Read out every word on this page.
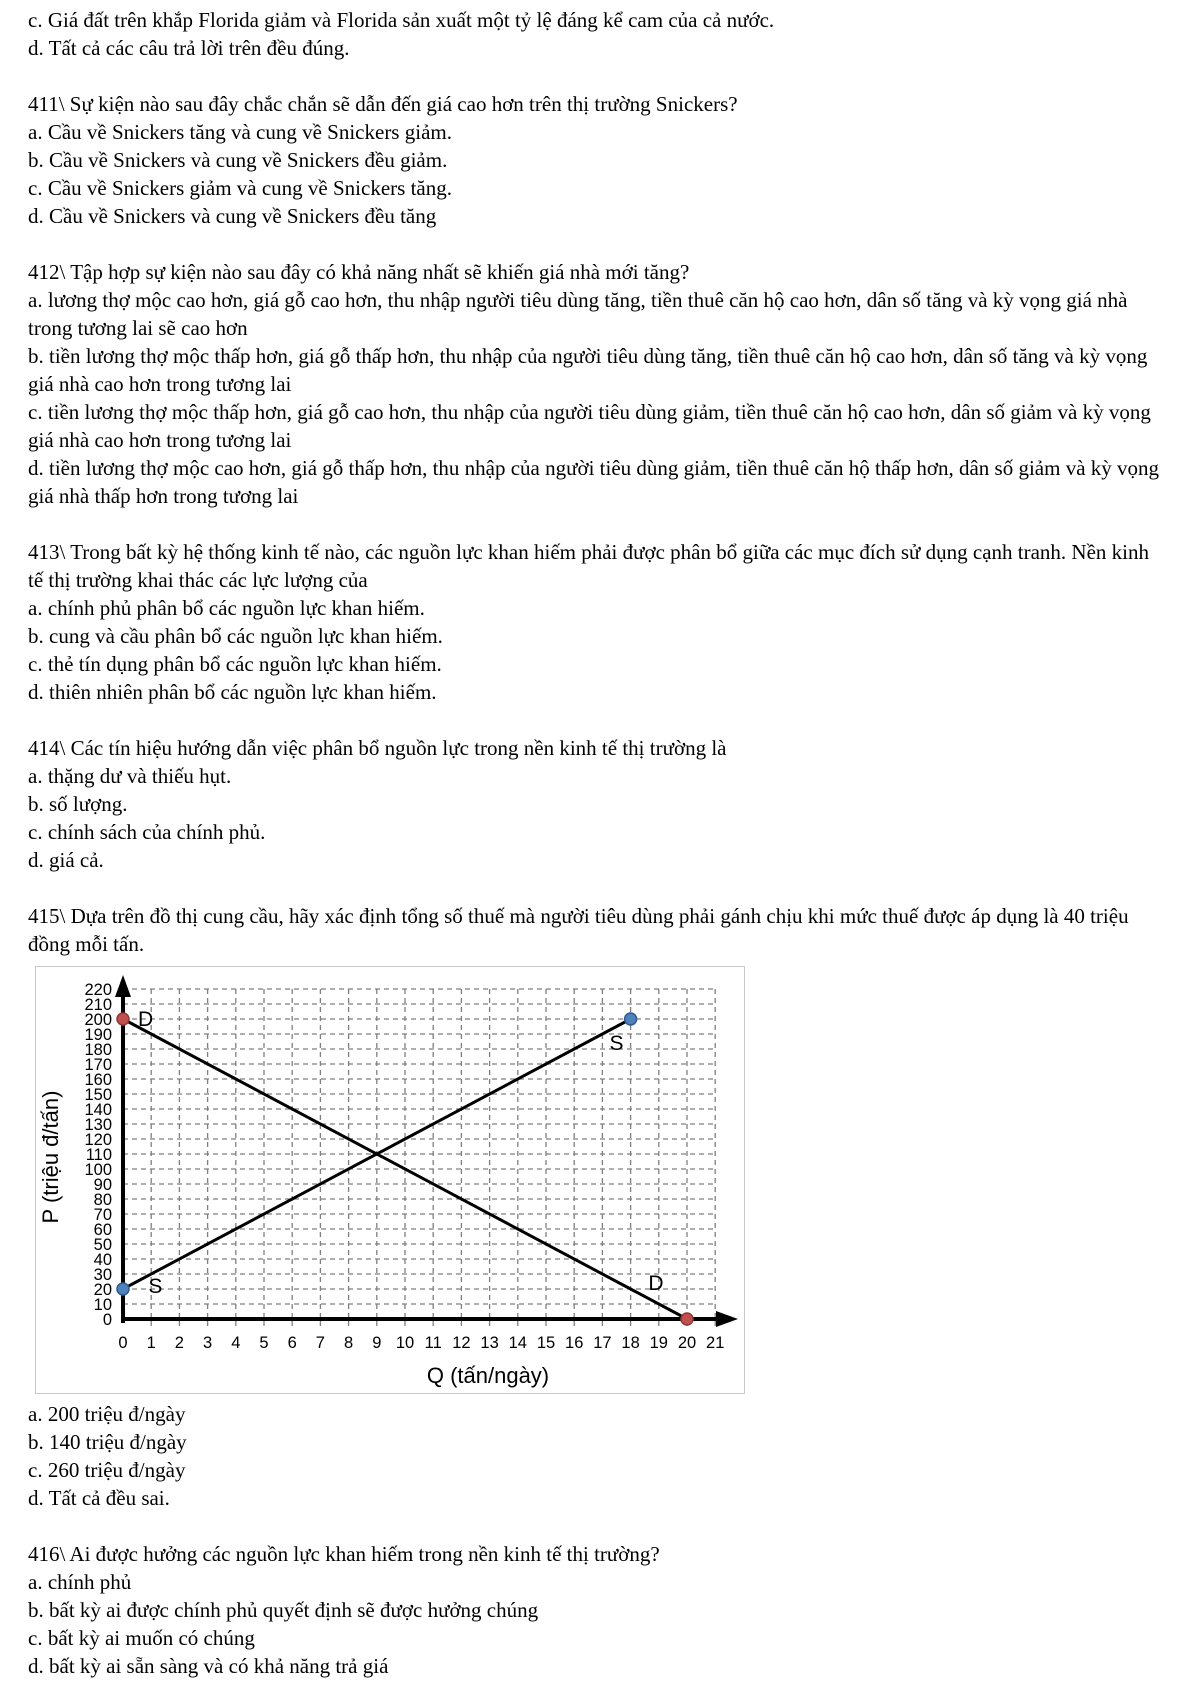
c. Giá đất trên khắp Florida giảm và Florida sản xuất một tỷ lệ đáng kể cam của cả nước.

d. Tất cả các câu trả lời trên đều đúng.

411\ Sự kiện nào sau đây chắc chắn sẽ dẫn đến giá cao hơn trên thị trường Snickers?

a. Cầu về Snickers tăng và cung về Snickers giảm.

b. Cầu về Snickers và cung về Snickers đều giảm.

c. Cầu về Snickers giảm và cung về Snickers tăng.

d. Cầu về Snickers và cung về Snickers đều tăng

412\ Tập hợp sự kiện nào sau đây có khả năng nhất sẽ khiến giá nhà mới tăng?

a. lương thợ mộc cao hơn, giá gỗ cao hơn, thu nhập người tiêu dùng tăng, tiền thuê căn hộ cao hơn, dân số tăng và kỳ vọng giá nhà trong tương lai sẽ cao hơn

b. tiền lương thợ mộc thấp hơn, giá gỗ thấp hơn, thu nhập của người tiêu dùng tăng, tiền thuê căn hộ cao hơn, dân số tăng và kỳ vọng giá nhà cao hơn trong tương lai

c. tiền lương thợ mộc thấp hơn, giá gỗ cao hơn, thu nhập của người tiêu dùng giảm, tiền thuê căn hộ cao hơn, dân số giảm và kỳ vọng giá nhà cao hơn trong tương lai

d. tiền lương thợ mộc cao hơn, giá gỗ thấp hơn, thu nhập của người tiêu dùng giảm, tiền thuê căn hộ thấp hơn, dân số giảm và kỳ vọng giá nhà thấp hơn trong tương lai

413\ Trong bất kỳ hệ thống kinh tế nào, các nguồn lực khan hiếm phải được phân bổ giữa các mục đích sử dụng cạnh tranh. Nền kinh tế thị trường khai thác các lực lượng của

a. chính phủ phân bổ các nguồn lực khan hiếm.

b. cung và cầu phân bổ các nguồn lực khan hiếm.

c. thẻ tín dụng phân bổ các nguồn lực khan hiếm.

d. thiên nhiên phân bổ các nguồn lực khan hiếm.

414\ Các tín hiệu hướng dẫn việc phân bổ nguồn lực trong nền kinh tế thị trường là

a. thặng dư và thiếu hụt.

b. số lượng.

c. chính sách của chính phủ.

d. giá cả.

415\ Dựa trên đồ thị cung cầu, hãy xác định tổng số thuế mà người tiêu dùng phải gánh chịu khi mức thuế được áp dụng là 40 triệu đồng mỗi tấn.

0
10
20
30
40
50
60
70
80
90
100
110
120
130
140
150
160
170
180
190
200
210
220
0 1 2 3 4 5 6 7 8 9 10 11 12 13 14 15 16 17 18 19 20 21
D
S
S	D
Q (tấn/ngày)
P (triệu đ/tấn)

a. 200 triệu đ/ngày

b. 140 triệu đ/ngày

c. 260 triệu đ/ngày

d. Tất cả đều sai.

416\ Ai được hưởng các nguồn lực khan hiếm trong nền kinh tế thị trường?

a. chính phủ

b. bất kỳ ai được chính phủ quyết định sẽ được hưởng chúng

c. bất kỳ ai muốn có chúng

d. bất kỳ ai sẵn sàng và có khả năng trả giá
